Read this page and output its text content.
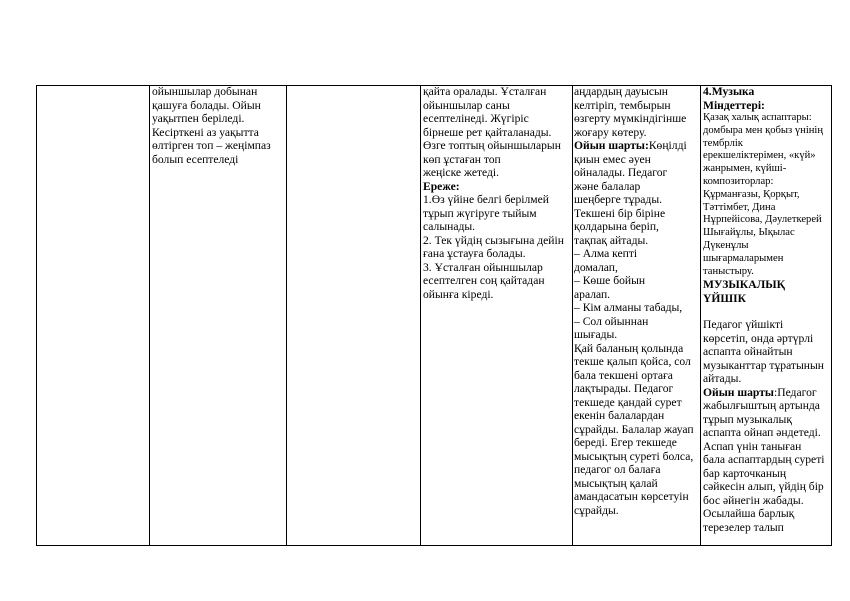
ойыншылар добынан
қашуға болады. Ойын
уақытпен беріледі.
Кесірткені аз уақытта
өлтірген топ – жеңімпаз
болып есептеледі

қайта оралады. Ұсталған
ойыншылар саны
есептелінеді. Жүгіріс
бірнеше рет қайталанады.
Өзге топтың ойыншыларын
көп ұстаған топ
жеңіске жетеді.

Ереже:

1.Өз үйіне белгі берілмей
тұрып жүгіруге тыйым
салынады.
2. Тек үйдің сызығына дейін
ғана ұстауға болады.
3. Ұсталған ойыншылар
есептелген соң қайтадан
ойынға кіреді.

аңдардың дауысын
келтіріп, тембырын
өзгерту мүмкіндігінше
жоғару көтеру.

Ойын шарты:Көңілді
қиын емес әуен
ойналады. Педагог
және балалар
шеңберге тұрады.
Текшені бір біріне
қолдарына беріп,
тақпақ айтады.

– Алма кепті
домалап,

– Көше бойын
аралап.

– Кім алманы табады,

– Сол ойыннан
шығады.

Қай баланың қолында
текше қалып қойса, сол
бала текшені ортаға
лақтырады. Педагог
текшеде қандай сурет
екенін балалардан
сұрайды. Балалар жауап
береді. Егер текшеде
мысықтың суреті болса,
педагог ол балаға
мысықтың қалай
амандасатын көрсетуін
сұрайды.

4.Музыка

Міндеттері:

Қазақ халық аспаптары:
домбыра мен қобыз үнінің
тембрлік
ерекшеліктерімен, «күй»
жанрымен, күйші-
композиторлар:
Құрманғазы, Қорқыт,
Тәттімбет, Дина
Нұрпейісова, Дәулеткерей
Шығайұлы, Ықылас
Дүкенұлы
шығармаларымен
таныстыру.

МУЗЫКАЛЫҚ
ҮЙШІК

Педагог үйшікті
көрсетіп, онда әртүрлі
аспапта ойнайтын
музыканттар тұратынын
айтады.

Ойын шарты:Педагог
жабылғыштың артында
тұрып музыкалық
аспапта ойнап әндетеді.
Аспап үнін таныған
бала аспаптардың суреті
бар карточканың
сәйкесін алып, үйдің бір
бос әйнегін жабады.
Осылайша барлық
терезелер талып
